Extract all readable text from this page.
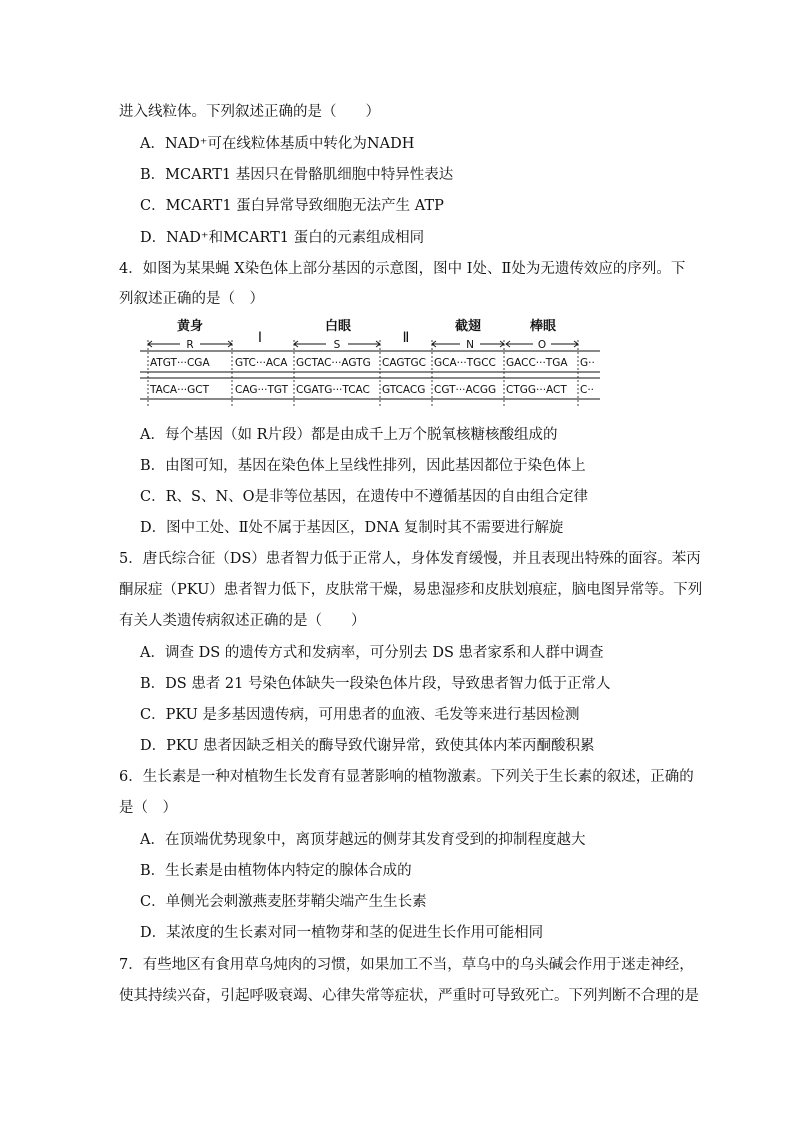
进入线粒体。下列叙述正确的是（　　）
A．NAD⁺可在线粒体基质中转化为NADH
B．MCART1 基因只在骨骼肌细胞中特异性表达
C．MCART1 蛋白异常导致细胞无法产生 ATP
D．NAD⁺和MCART1 蛋白的元素组成相同
4．如图为某果蝇 X染色体上部分基因的示意图，图中 I处、Ⅱ处为无遗传效应的序列。下
列叙述正确的是（　）
黄身	白眼	截翅	棒眼
R	S	N	O
I	Ⅱ
ATGT···CGA GTC···ACA GCTAC···AGTG CAGTGC GCA···TGCC GACC···TGA G··
TACA···GCT CAG···TGT CGATG···TCAC GTCACG CGT···ACGG CTGG···ACT C··
A．每个基因（如 R片段）都是由成千上万个脱氧核糖核酸组成的
B．由图可知，基因在染色体上呈线性排列，因此基因都位于染色体上
C．R、S、N、O是非等位基因，在遗传中不遵循基因的自由组合定律
D．图中工处、Ⅱ处不属于基因区，DNA 复制时其不需要进行解旋
5．唐氏综合征（DS）患者智力低于正常人，身体发育缓慢，并且表现出特殊的面容。苯丙
酮尿症（PKU）患者智力低下，皮肤常干燥，易患湿疹和皮肤划痕症，脑电图异常等。下列
有关人类遗传病叙述正确的是（　　）
A．调查 DS 的遗传方式和发病率，可分别去 DS 患者家系和人群中调查
B．DS 患者 21 号染色体缺失一段染色体片段，导致患者智力低于正常人
C．PKU 是多基因遗传病，可用患者的血液、毛发等来进行基因检测
D．PKU 患者因缺乏相关的酶导致代谢异常，致使其体内苯丙酮酸积累
6．生长素是一种对植物生长发育有显著影响的植物激素。下列关于生长素的叙述，正确的
是（　）
A．在顶端优势现象中，离顶芽越远的侧芽其发育受到的抑制程度越大
B．生长素是由植物体内特定的腺体合成的
C．单侧光会刺激燕麦胚芽鞘尖端产生生长素
D．某浓度的生长素对同一植物芽和茎的促进生长作用可能相同
7．有些地区有食用草乌炖肉的习惯，如果加工不当，草乌中的乌头碱会作用于迷走神经，
使其持续兴奋，引起呼吸衰竭、心律失常等症状，严重时可导致死亡。下列判断不合理的是
